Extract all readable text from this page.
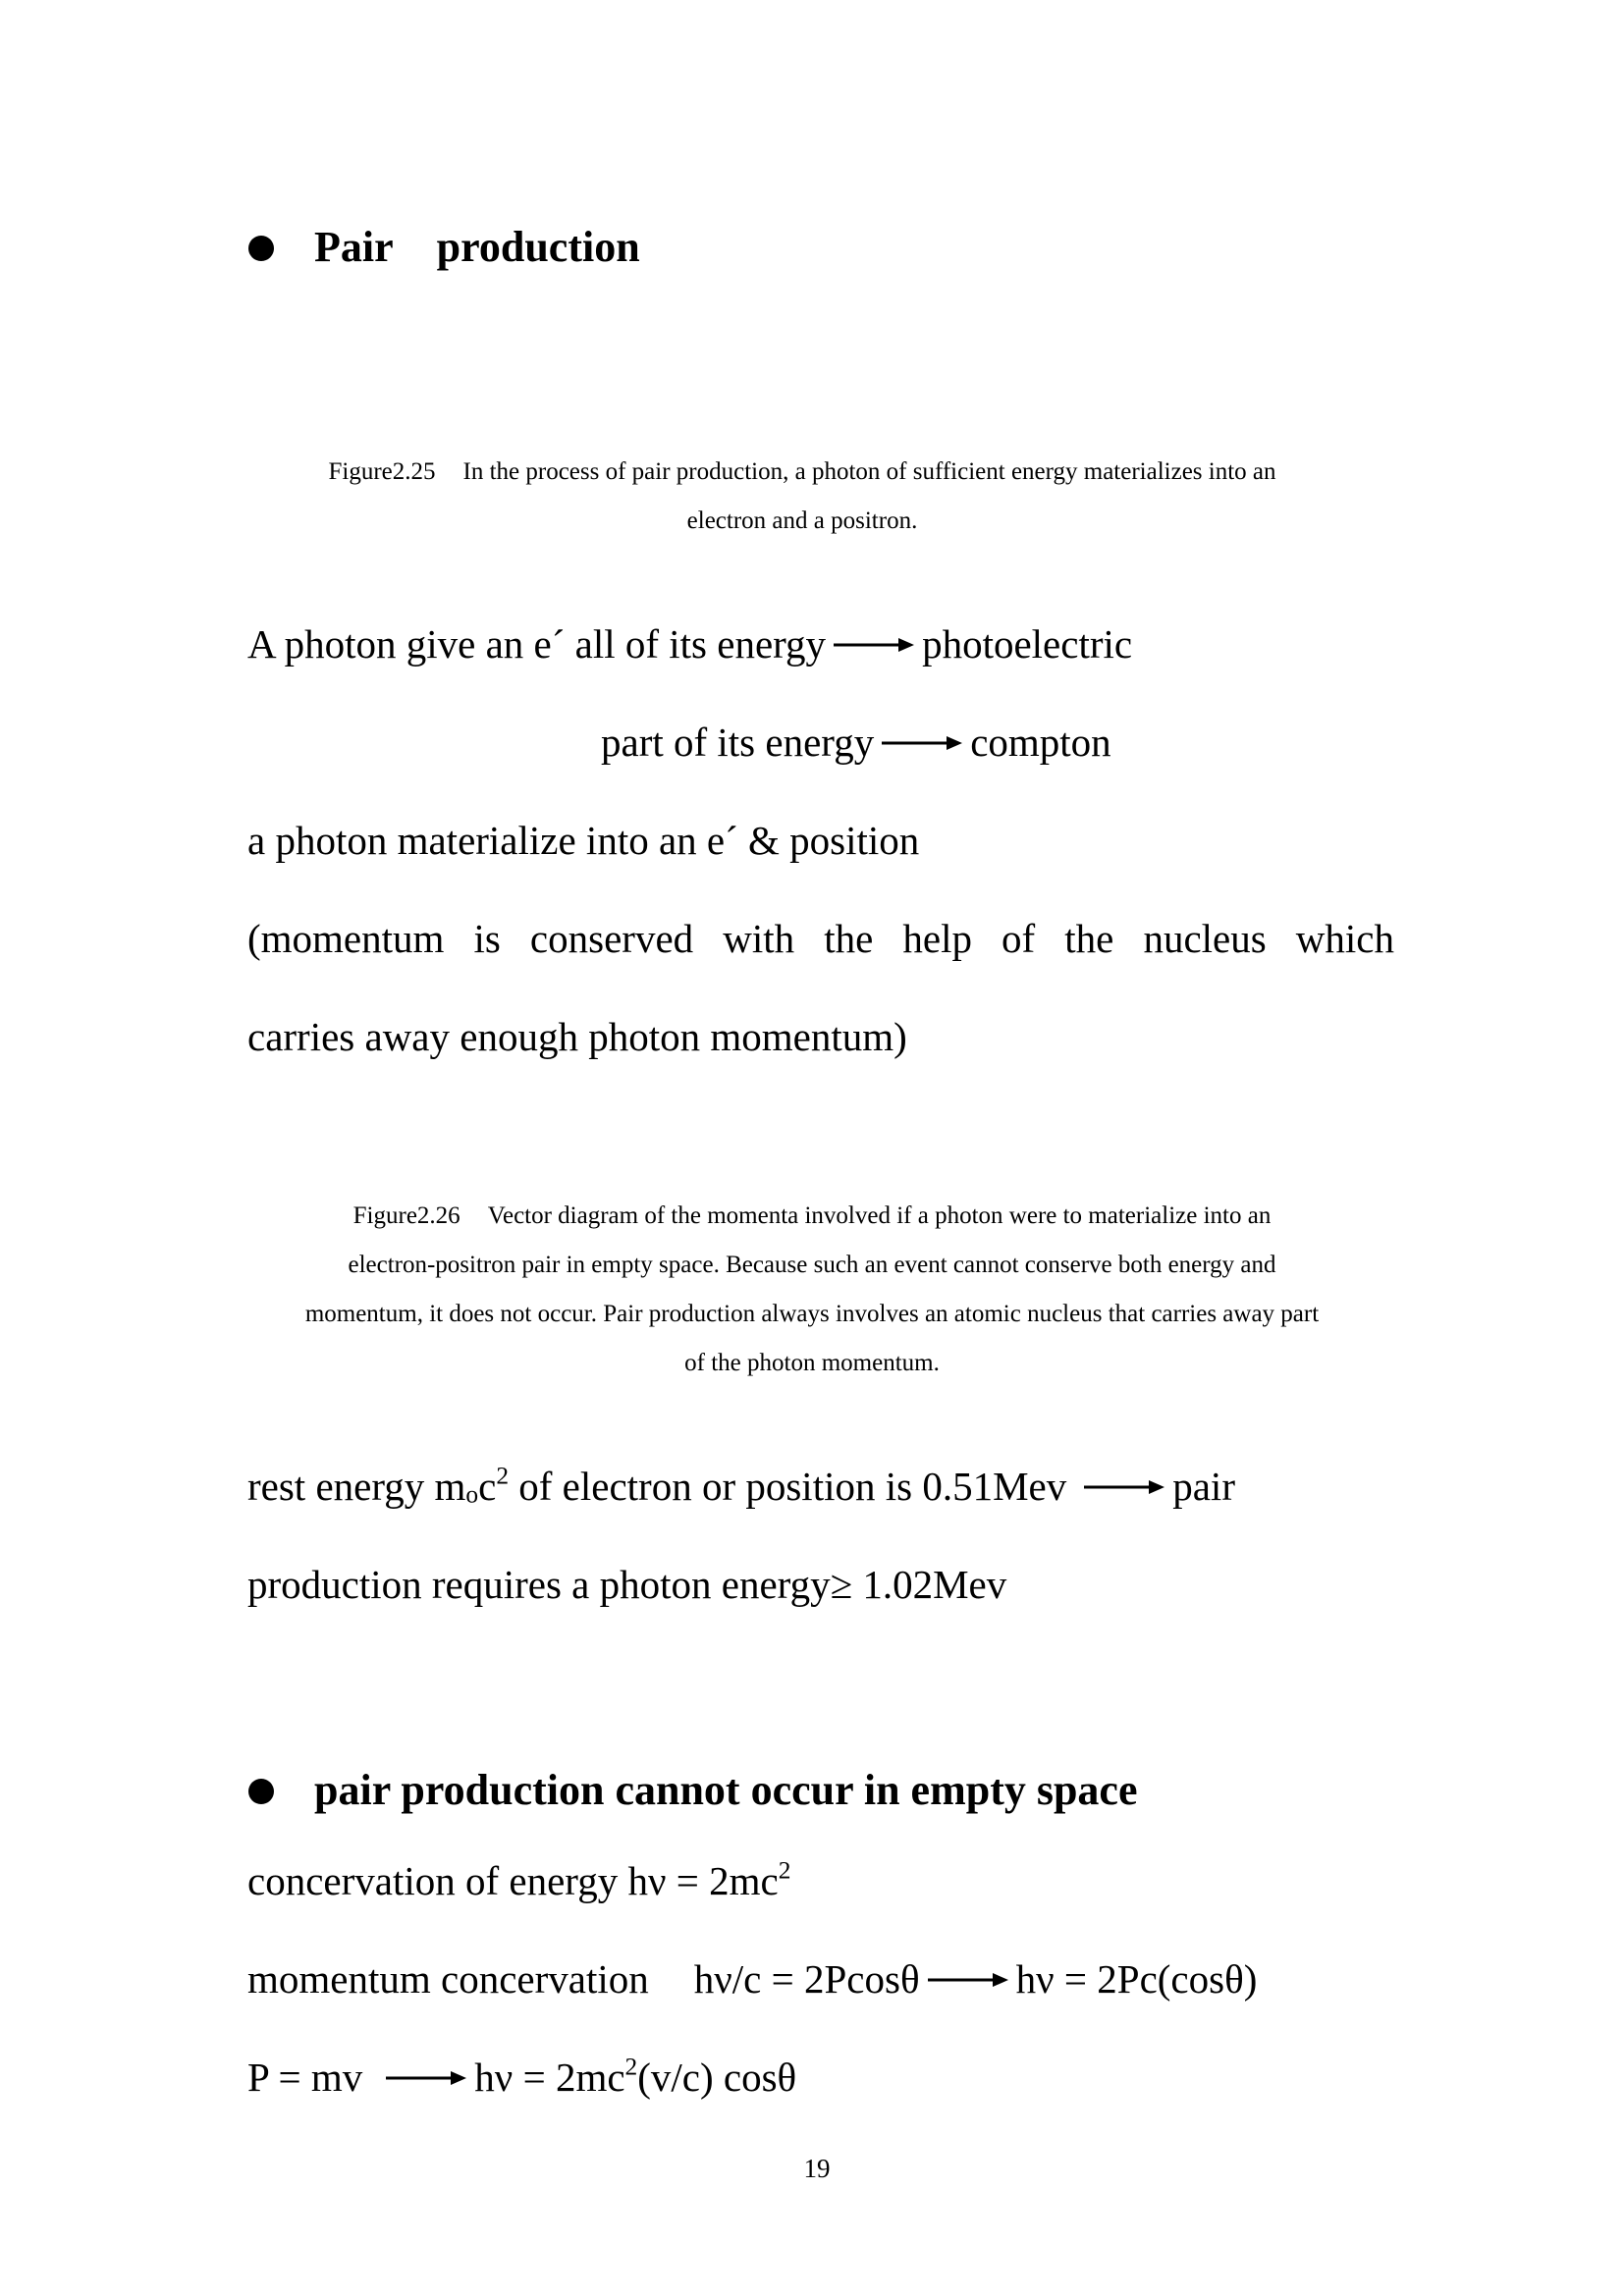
Pair production
Figure2.25 In the process of pair production, a photon of sufficient energy materializes into an
electron and a positron.
A photon give an e´ all of its energy photoelectric
part of its energy compton
a photon materialize into an e´ & position
(momentum is conserved with the help of the nucleus which
carries away enough photon momentum)
Figure2.26 Vector diagram of the momenta involved if a photon were to materialize into an
electron-positron pair in empty space. Because such an event cannot conserve both energy and
momentum, it does not occur. Pair production always involves an atomic nucleus that carries away part
of the photon momentum.
rest energy $m_oc^2$ of electron or position is 0.51Mev	pair
production requires a photon energy≥ 1.02Mev
pair production cannot occur in empty space
concervation of energy $h\nu = 2mc^2$
momentum concervation hν/c = 2Pcosθ hν = 2Pc(cosθ)
P = mv	$h\nu = 2mc^2(v/c)$ cosθ
19
